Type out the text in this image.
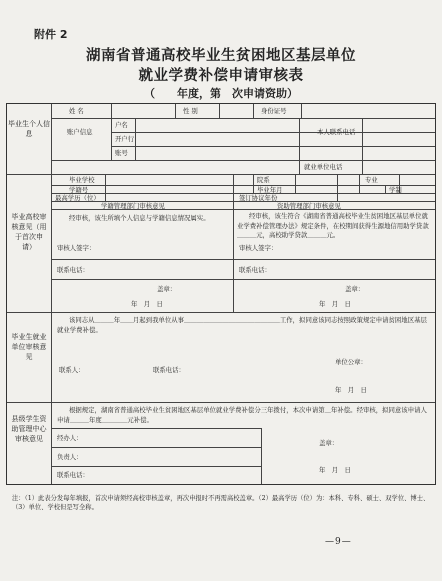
附件 2
湖南省普通高校毕业生贫困地区基层单位
就业学费补偿申请审核表
（　　年度，第　次申请资助）
毕业生个人信息
毕业高校审核意见（用于首次申请）
毕业生就业单位审核意见
县级学生资助管理中心审核意见
姓 名	性 别	身份证号
账户信息
户名
开户行
账号
本人联系电话
就业单位电话
毕业学校	院系	专业
学籍号	毕业年月	学制
最高学历（位）	签订协议年份
学籍管理部门审核意见	资助管理部门审核意见
经审核，该生所填个人信息与学籍信息情况属实。	经审核，该生符合《湖南省普通高校毕业生贫困地区基层单位就业学费补偿管理办法》规定条件，在校期间获得生源地信用助学贷款＿＿＿元，高校助学贷款＿＿＿元。
审核人签字：	审核人签字：
联系电话：	联系电话：
盖章：	盖章：
年　月　日	年　月　日
该同志从＿＿＿年＿＿月起到我单位从事＿＿＿＿＿＿＿＿＿＿＿＿＿＿＿工作，拟同意该同志按照政策规定申请贫困地区基层就业学费补偿。
联系人：	联系电话：
单位公章：
年　月　日
根据规定，湖南省普通高校毕业生贫困地区基层单位就业学费补偿分三年拨付，本次申请第＿年补偿。经审核，拟同意该申请人申请＿＿＿年度＿＿＿＿元补偿。
经办人：
负责人：
联系电话：
盖章：
年　月　日
注：（1）此表分发每年填报，首次申请须经高校审核盖章，再次申报时不再需高校盖章。（2）最高学历（位）为：本科、专科、硕士、双学位、博士、（3）单位、学校但是写全称。
—9—
